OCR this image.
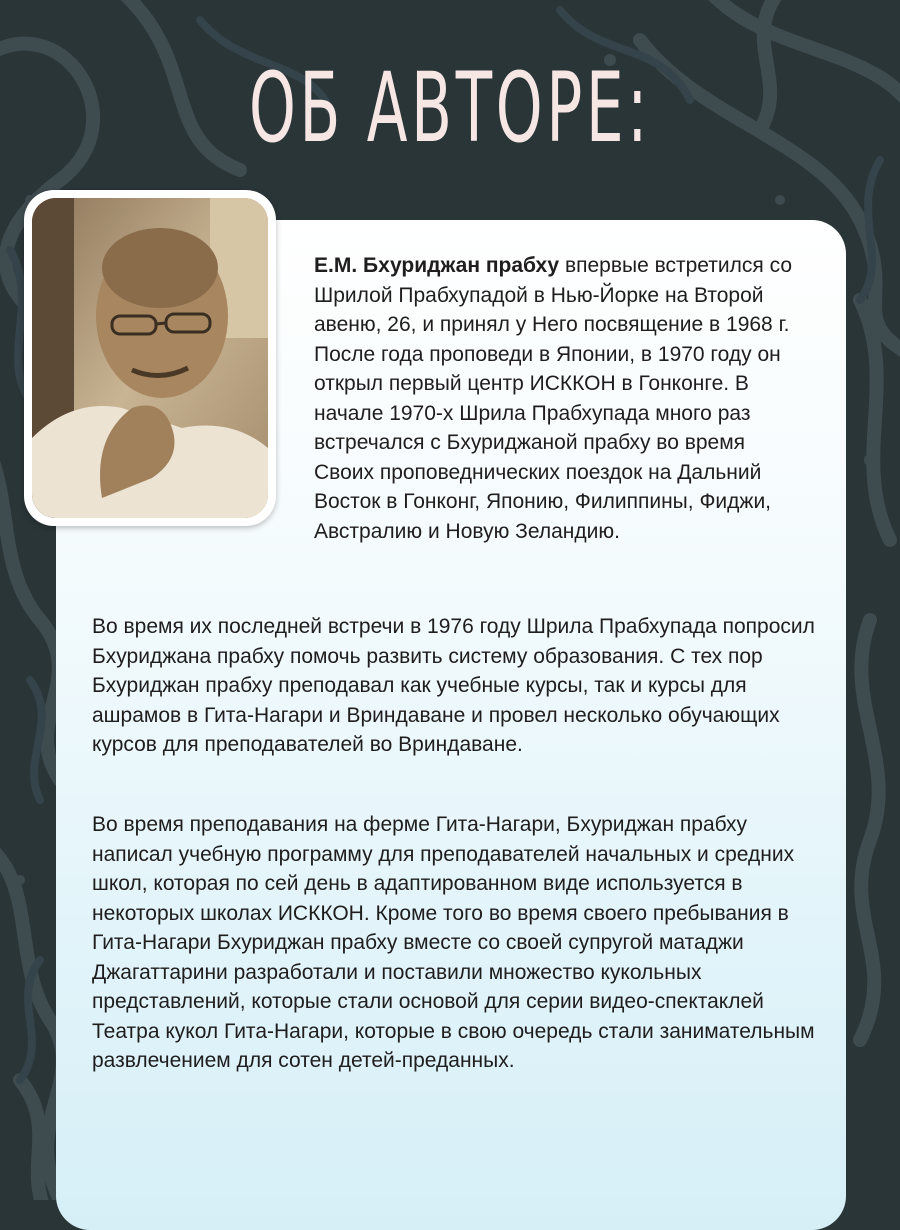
ОБ АВТОРЕ:
Е.М. Бхуриджан прабху впервые встретился со Шрилой Прабхупадой в Нью-Йорке на Второй авеню, 26, и принял у Него посвящение в 1968 г. После года проповеди в Японии, в 1970 году он открыл первый центр ИСККОН в Гонконге. В начале 1970-х Шрила Прабхупада много раз встречался с Бхуриджаной прабху во время Своих проповеднических поездок на Дальний Восток в Гонконг, Японию, Филиппины, Фиджи, Австралию и Новую Зеландию.
Во время их последней встречи в 1976 году Шрила Прабхупада попросил Бхуриджана прабху помочь развить систему образования. С тех пор Бхуриджан прабху преподавал как учебные курсы, так и курсы для ашрамов в Гита-Нагари и Вриндаване и провел несколько обучающих курсов для преподавателей во Вриндаване.
Во время преподавания на ферме Гита-Нагари, Бхуриджан прабху написал учебную программу для преподавателей начальных и средних школ, которая по сей день в адаптированном виде используется в некоторых школах ИСККОН. Кроме того во время своего пребывания в Гита-Нагари Бхуриджан прабху вместе со своей супругой матаджи Джагаттарини разработали и поставили множество кукольных представлений, которые стали основой для серии видео-спектаклей Театра кукол Гита-Нагари, которые в свою очередь стали занимательным развлечением для сотен детей-преданных.
